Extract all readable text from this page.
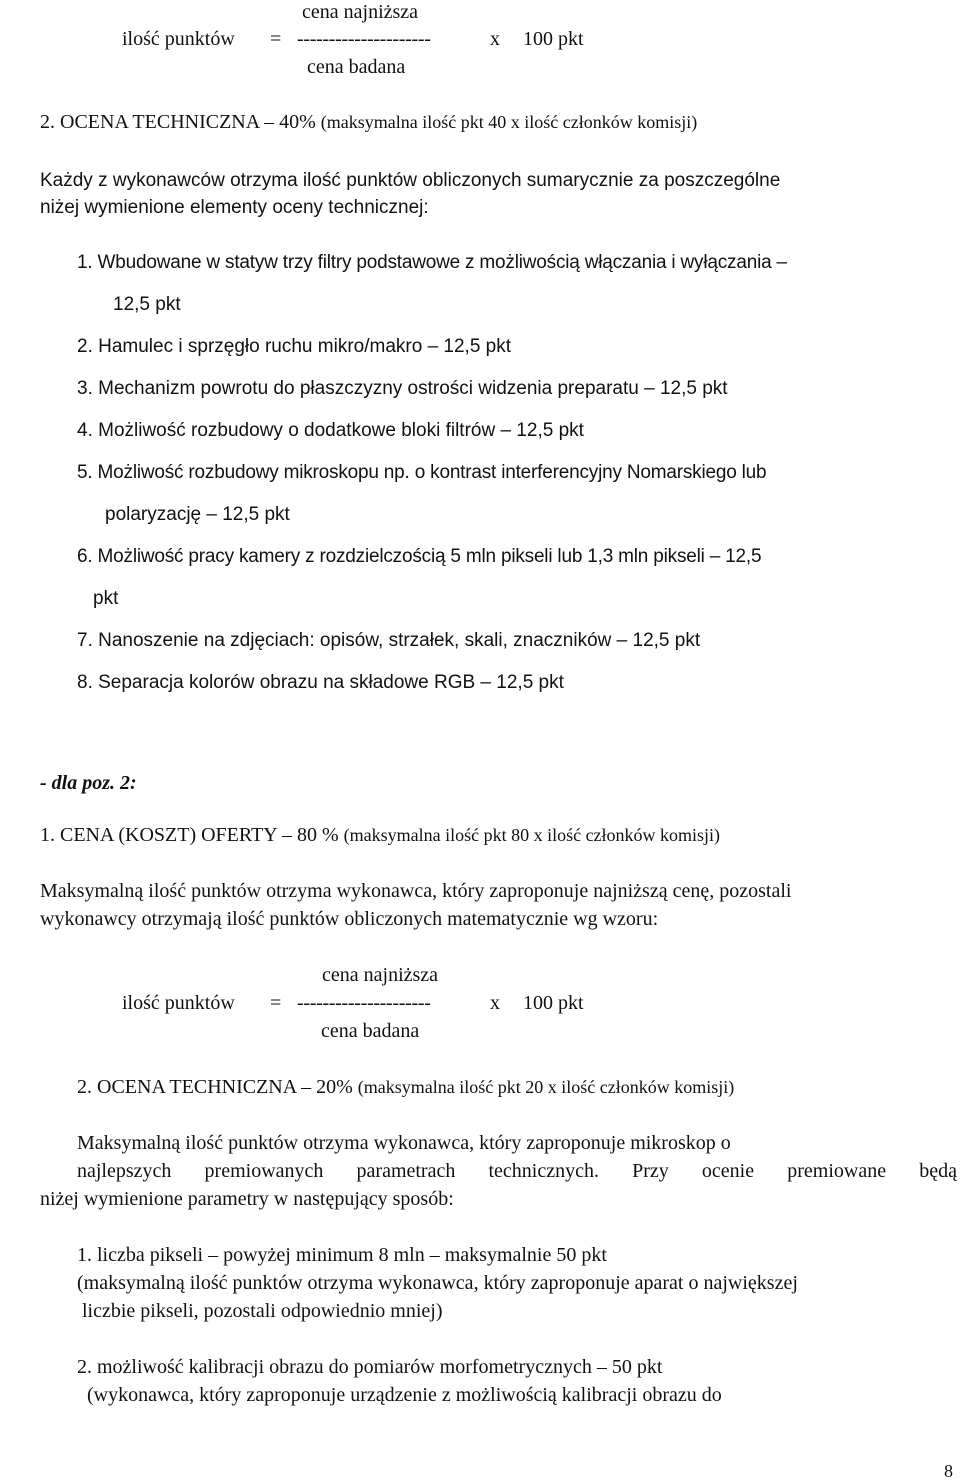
cena najniższa
ilość punktów = ---------------------	x 100 pkt
cena badana
2. OCENA TECHNICZNA – 40% (maksymalna ilość pkt 40 x ilość członków komisji)
Każdy z wykonawców otrzyma ilość punktów obliczonych sumarycznie za poszczególne
niżej wymienione elementy oceny technicznej:
1. Wbudowane w statyw trzy filtry podstawowe z możliwością włączania i wyłączania –
12,5 pkt
2. Hamulec i sprzęgło ruchu mikro/makro – 12,5 pkt
3. Mechanizm powrotu do płaszczyzny ostrości widzenia preparatu – 12,5 pkt
4. Możliwość rozbudowy o dodatkowe bloki filtrów – 12,5 pkt
5. Możliwość rozbudowy mikroskopu np. o kontrast interferencyjny Nomarskiego lub
polaryzację – 12,5 pkt
6. Możliwość pracy kamery z rozdzielczością 5 mln pikseli lub 1,3 mln pikseli – 12,5
pkt
7. Nanoszenie na zdjęciach: opisów, strzałek, skali, znaczników – 12,5 pkt
8. Separacja kolorów obrazu na składowe RGB – 12,5 pkt
- dla poz. 2:
1. CENA (KOSZT) OFERTY – 80 % (maksymalna ilość pkt 80 x ilość członków komisji)
Maksymalną ilość punktów otrzyma wykonawca, który zaproponuje najniższą cenę, pozostali
wykonawcy otrzymają ilość punktów obliczonych matematycznie wg wzoru:
cena najniższa
ilość punktów = ---------------------	x 100 pkt
cena badana
2. OCENA TECHNICZNA – 20% (maksymalna ilość pkt 20 x ilość członków komisji)
Maksymalną ilość punktów otrzyma wykonawca, który zaproponuje mikroskop o
najlepszych premiowanych parametrach technicznych. Przy ocenie premiowane będą
niżej wymienione parametry w następujący sposób:
1. liczba pikseli – powyżej minimum 8 mln – maksymalnie 50 pkt
(maksymalną ilość punktów otrzyma wykonawca, który zaproponuje aparat o największej
liczbie pikseli, pozostali odpowiednio mniej)
2. możliwość kalibracji obrazu do pomiarów morfometrycznych – 50 pkt
(wykonawca, który zaproponuje urządzenie z możliwością kalibracji obrazu do
8
